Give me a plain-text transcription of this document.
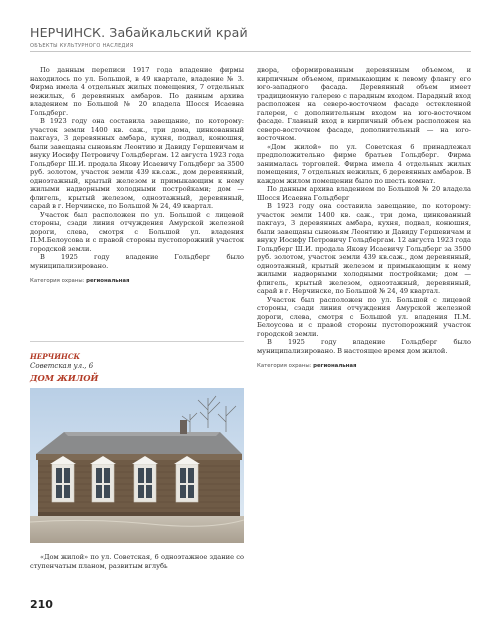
НЕРЧИНСК. Забайкальский край
ОБЪЕКТЫ КУЛЬТУРНОГО НАСЛЕДИЯ

По данным переписи 1917 года владение фирмы находилось по ул. Большой, в 49 квартале, владение № 3. Фирма имела 4 отдельных жилых помещения, 7 отдельных нежилых, 6 деревянных амбаров. По данным архива владением по Большой № 20 владела Шосся Исаевна Гольдберг.

В 1923 году она составила завещание, по которому: участок земли 1400 кв. саж., три дома, цинкованный пакгауз, 3 деревянных амбара, кухня, подвал, конюшня, были завещаны сыновьям Леонтию и Давиду Гершевичам и внуку Иосифу Петровичу Гольдбергам. 12 августа 1923 года Гольдберг Ш.И. продала Якову Исаевичу Гольдберг за 3500 руб. золотом, участок земли 439 кв.саж., дом деревянный, одноэтажный, крытый железом и примыкающим к нему жилыми надворными холодными постройками; дом — флигель, крытый железом, одноэтажный, деревянный, сарай в г. Нерчинске, по Большой № 24, 49 квартал.

Участок был расположен по ул. Большой с лицевой стороны, сзади линия отчуждения Амурской железной дороги, слева, смотря с Большой ул. владения П.М.Белоусова и с правой стороны пустопорожний участок городской земли.

В 1925 году владение Гольдберг было муниципализировано.

Категория охраны: региональная
НЕРЧИНСК
Советская ул., 6
ДОМ ЖИЛОЙ

«Дом жилой» по ул. Советская, 6 одноэтажное здание со ступенчатым планом, развитым вглубь

двора, сформированным деревянным объемом, и кирпичным объемом, примыкающим к левому флангу его юго-западного фасада. Деревянный объем имеет традиционную галерею с парадным входом. Парадный вход расположен на северо-восточном фасаде остекленной галереи, с дополнительным входом на юго-восточном фасаде. Главный вход в кирпичный объем расположен на северо-восточном фасаде, дополнительный — на юго-восточном.

«Дом жилой» по ул. Советская 6 принадлежал предположительно фирме братьев Гольдберг. Фирма занималась торговлей. Фирма имела 4 отдельных жилых помещения, 7 отдельных нежилых, 6 деревянных амбаров. В каждом жилом помещении было по шесть комнат.

По данным архива владением по Большой № 20 владела Шосся Исаевна Гольдберг

В 1923 году она составила завещание, по которому: участок земли 1400 кв. саж., три дома, цинкованный пакгауз, 3 деревянных амбара, кухня, подвал, конюшня, были завещаны сыновьям Леонтию и Давиду Гершевичам и внуку Иосифу Петровичу Гольдбергам. 12 августа 1923 года Гольдберг Ш.И. продала Якову Исаевичу Гольдберг за 3500 руб. золотом, участок земли 439 кв.саж., дом деревянный, одноэтажный, крытый железом и примыкающим к нему жилыми надворными холодными постройками; дом — флигель, крытый железом, одноэтажный, деревянный, сарай в г. Нерчинске, по Большой № 24, 49 квартал.

Участок был расположен по ул. Большой с лицевой стороны, сзади линия отчуждения Амурской железной дороги, слева, смотря с Большой ул. владения П.М. Белоусова и с правой стороны пустопорожний участок городской земли.

В 1925 году владение Гольдберг было муниципализировано. В настоящее время дом жилой.

Категория охраны: региональная
210
